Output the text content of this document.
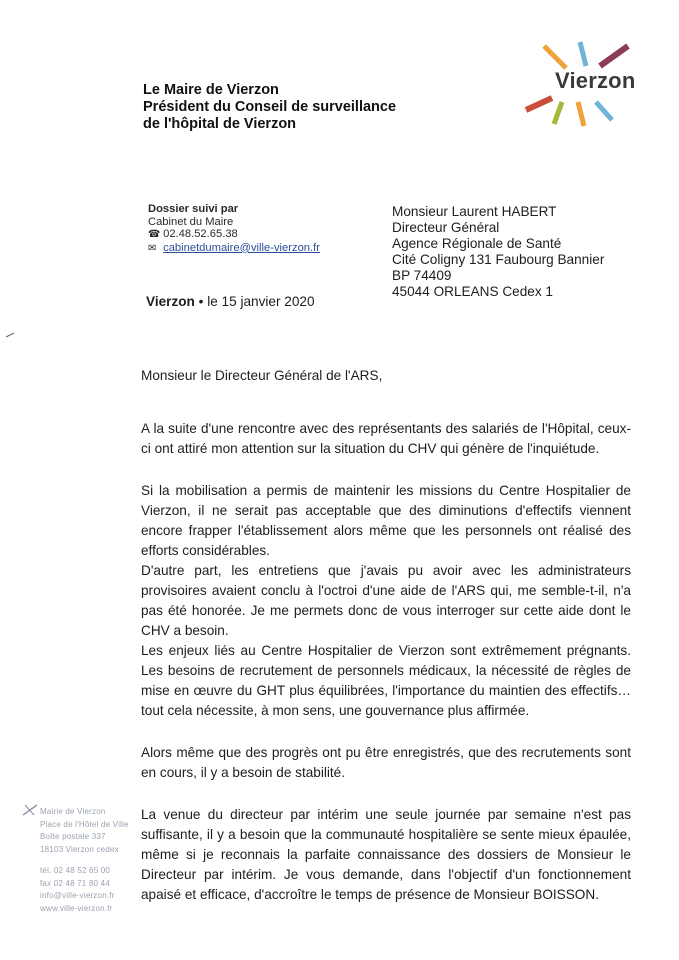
Le Maire de Vierzon
Président du Conseil de surveillance
de l'hôpital de Vierzon
Vierzon
Dossier suivi par
Cabinet du Maire
☎ 02.48.52.65.38
✉ cabinetdumaire@ville-vierzon.fr
Monsieur Laurent HABERT
Directeur Général
Agence Régionale de Santé
Cité Coligny 131 Faubourg Bannier
BP 74409
45044 ORLEANS Cedex 1
Vierzon • le 15 janvier 2020
Monsieur le Directeur Général de l'ARS,
A la suite d'une rencontre avec des représentants des salariés de l'Hôpital, ceux-ci ont attiré mon attention sur la situation du CHV qui génère de l'inquiétude.
Si la mobilisation a permis de maintenir les missions du Centre Hospitalier de Vierzon, il ne serait pas acceptable que des diminutions d'effectifs viennent encore frapper l'établissement alors même que les personnels ont réalisé des efforts considérables.
D'autre part, les entretiens que j'avais pu avoir avec les administrateurs provisoires avaient conclu à l'octroi d'une aide de l'ARS qui, me semble-t-il, n'a pas été honorée. Je me permets donc de vous interroger sur cette aide dont le CHV a besoin.
Les enjeux liés au Centre Hospitalier de Vierzon sont extrêmement prégnants. Les besoins de recrutement de personnels médicaux, la nécessité de règles de mise en œuvre du GHT plus équilibrées, l'importance du maintien des effectifs… tout cela nécessite, à mon sens, une gouvernance plus affirmée.
Alors même que des progrès ont pu être enregistrés, que des recrutements sont en cours, il y a besoin de stabilité.
La venue du directeur par intérim une seule journée par semaine n'est pas suffisante, il y a besoin que la communauté hospitalière se sente mieux épaulée, même si je reconnais la parfaite connaissance des dossiers de Monsieur le Directeur par intérim. Je vous demande, dans l'objectif d'un fonctionnement apaisé et efficace, d'accroître le temps de présence de Monsieur BOISSON.
Mairie de Vierzon
Place de l'Hôtel de Ville
Boîte postale 337
18103 Vierzon cedex
tél. 02 48 52 65 00
fax 02 48 71 80 44
info@ville-vierzon.fr
www.ville-vierzon.fr
